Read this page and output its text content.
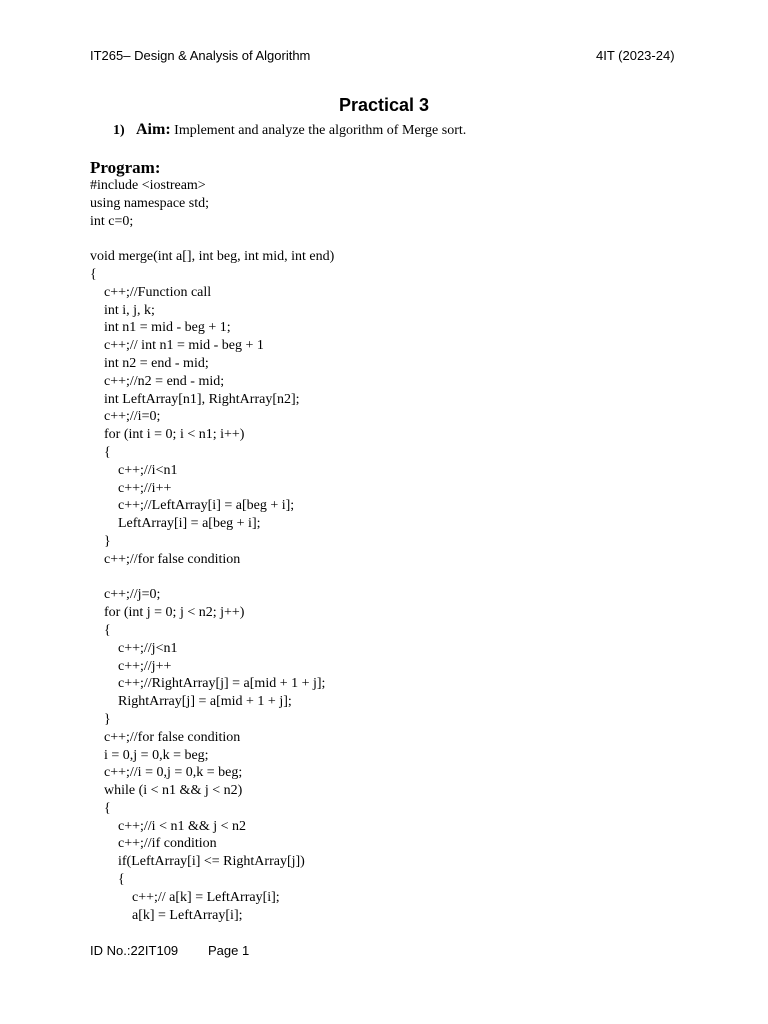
IT265– Design & Analysis of Algorithm	4IT (2023-24)
Practical 3
1) Aim: Implement and analyze the algorithm of Merge sort.
Program:
#include <iostream>
using namespace std;
int c=0;
void merge(int a[], int beg, int mid, int end)
{
c++;//Function call
int i, j, k;
int n1 = mid - beg + 1;
c++;// int n1 = mid - beg + 1
int n2 = end - mid;
c++;//n2 = end - mid;
int LeftArray[n1], RightArray[n2];
c++;//i=0;
for (int i = 0; i < n1; i++)
{
c++;//i<n1
c++;//i++
c++;//LeftArray[i] = a[beg + i];
LeftArray[i] = a[beg + i];
}
c++;//for false condition
c++;//j=0;
for (int j = 0; j < n2; j++)
{
c++;//j<n1
c++;//j++
c++;//RightArray[j] = a[mid + 1 + j];
RightArray[j] = a[mid + 1 + j];
}
c++;//for false condition
i = 0,j = 0,k = beg;
c++;//i = 0,j = 0,k = beg;
while (i < n1 && j < n2)
{
c++;//i < n1 && j < n2
c++;//if condition
if(LeftArray[i] <= RightArray[j])
{
c++;// a[k] = LeftArray[i];
a[k] = LeftArray[i];
ID No.:22IT109 Page 1
